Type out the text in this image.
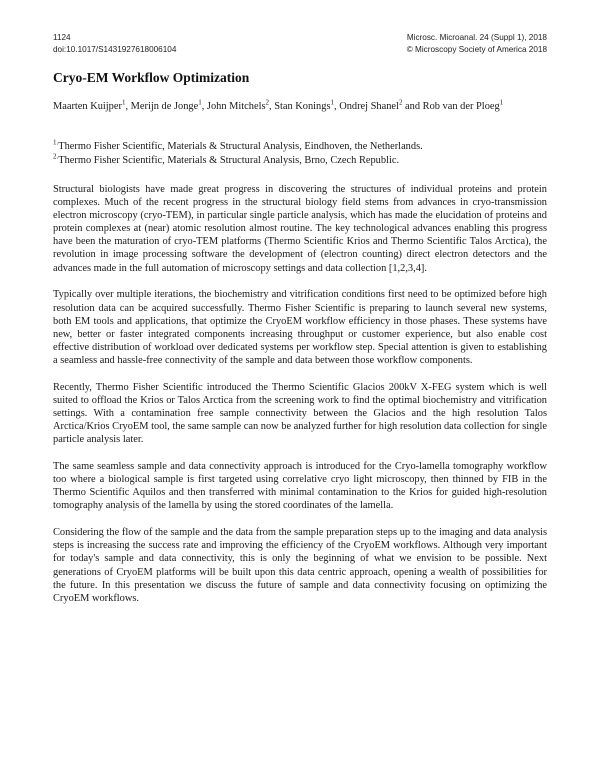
1124
doi:10.1017/S1431927618006104
Microsc. Microanal. 24 (Suppl 1), 2018
© Microscopy Society of America 2018
Cryo-EM Workflow Optimization
Maarten Kuijper$^1$, Merijn de Jonge$^1$, John Mitchels$^2$, Stan Konings$^1$, Ondrej Shanel$^2$ and Rob van der Ploeg$^1$
$^{1.}$Thermo Fisher Scientific, Materials & Structural Analysis, Eindhoven, the Netherlands.
$^{2.}$Thermo Fisher Scientific, Materials & Structural Analysis, Brno, Czech Republic.

Structural biologists have made great progress in discovering the structures of individual proteins and protein complexes. Much of the recent progress in the structural biology field stems from advances in cryo-transmission electron microscopy (cryo-TEM), in particular single particle analysis, which has made the elucidation of proteins and protein complexes at (near) atomic resolution almost routine. The key technological advances enabling this progress have been the maturation of cryo-TEM platforms (Thermo Scientific Krios and Thermo Scientific Talos Arctica), the revolution in image processing software the development of (electron counting) direct electron detectors and the advances made in the full automation of microscopy settings and data collection [1,2,3,4].

Typically over multiple iterations, the biochemistry and vitrification conditions first need to be optimized before high resolution data can be acquired successfully. Thermo Fisher Scientific is preparing to launch several new systems, both EM tools and applications, that optimize the CryoEM workflow efficiency in those phases. These systems have new, better or faster integrated components increasing throughput or customer experience, but also enable cost effective distribution of workload over dedicated systems per workflow step. Special attention is given to establishing a seamless and hassle-free connectivity of the sample and data between those workflow components.

Recently, Thermo Fisher Scientific introduced the Thermo Scientific Glacios 200kV X-FEG system which is well suited to offload the Krios or Talos Arctica from the screening work to find the optimal biochemistry and vitrification settings. With a contamination free sample connectivity between the Glacios and the high resolution Talos Arctica/Krios CryoEM tool, the same sample can now be analyzed further for high resolution data collection for single particle analysis later.

The same seamless sample and data connectivity approach is introduced for the Cryo-lamella tomography workflow too where a biological sample is first targeted using correlative cryo light microscopy, then thinned by FIB in the Thermo Scientific Aquilos and then transferred with minimal contamination to the Krios for guided high-resolution tomography analysis of the lamella by using the stored coordinates of the lamella.

Considering the flow of the sample and the data from the sample preparation steps up to the imaging and data analysis steps is increasing the success rate and improving the efficiency of the CryoEM workflows. Although very important for today's sample and data connectivity, this is only the beginning of what we envision to be possible. Next generations of CryoEM platforms will be built upon this data centric approach, opening a wealth of possibilities for the future. In this presentation we discuss the future of sample and data connectivity focusing on optimizing the CryoEM workflows.
